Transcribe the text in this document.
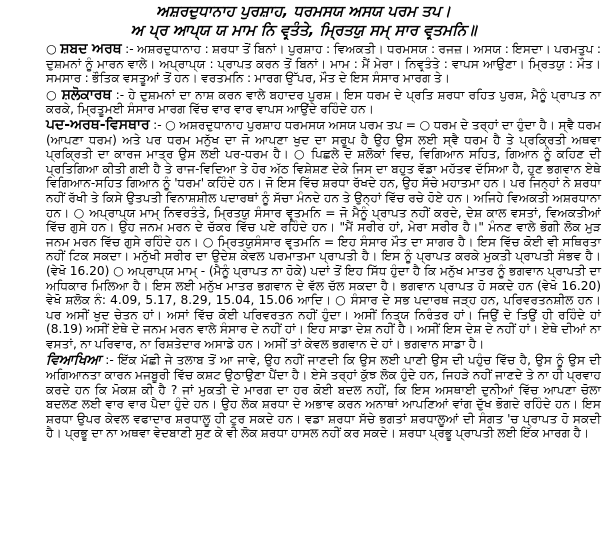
ਅਸ਼ਰਦੁਧਾਨਾਹ ਪੁਰਸ਼ਾਹ, ਧਰਮਸਯ ਅਸਯ ਪਰਮ ਤਪ।

ਅ ਪ੍ਰ ਆਪ੍ਯ ਯ ਮਾਮ ਨਿ ਵਰ੍ਤੰਤੇ, ਮ੍ਰਿਤਯੁ ਸਮ੍ ਸਾਰ ਵਰ੍ਤਮਨਿ॥

○ ਸ਼ਬਦ ਅਰਥ :- ਅਸ਼ਰਦੁਧਾਨਾਹ : ਸ਼ਰਧਾ ਤੋਂ ਬਿਨਾਂ। ਪੁਰਸ਼ਾਹ : ਵਿਅਕਤੀ। ਧਰਮਸਯ : ਰਜਜ਼। ਅਸਯ : ਇਸਦਾ। ਪਰਮਤੁਪ : ਦੁਸ਼ਮਨਾਂ ਨੂੰ ਮਾਰਨ ਵਾਲੇ। ਅਪ੍ਰਾਪ੍ਯ : ਪ੍ਰਾਪਤ ਕਰਨ ਤੋਂ ਬਿਨਾਂ। ਮਾਮ : ਮੈਂ ਮੇਰਾ। ਨਿਵਰ੍ਤੰਤੇ : ਵਾਪਸ ਆਉਣਾ। ਮ੍ਰਿਤਯੁ : ਮੌਤ। ਸਮਸਾਰ : ਭੌਤਿਕ ਵਸਤੂਆਂ ਤੋਂ ਹਨ। ਵਰਤਮਨਿ : ਮਾਰਗ ਉੱਪਰ, ਮੌਤ ਦੇ ਇਸ ਸੰਸਾਰ ਮਾਰਗ ਤੇ।

○ ਸ਼ਲੋਕਾਰਥ :- ਹੇ ਦੁਸ਼ਮਨਾਂ ਦਾ ਨਾਸ਼ ਕਰਨ ਵਾਲੇ ਬਹਾਦਰ ਪੁਰਸ਼। ਇਸ ਧਰਮ ਦੇ ਪ੍ਰਤਿ ਸ਼ਰਧਾ ਰਹਿਤ ਪੁਰਸ਼, ਮੈਨੂੰ ਪ੍ਰਾਪਤ ਨਾ ਕਰਕੇ, ਮ੍ਰਿਤੂਮਈ ਸੰਸਾਰ ਮਾਰਗ ਵਿੱਚ ਵਾਰ ਵਾਰ ਵਾਪਸ ਆਉਂਦੇ ਰਹਿੰਦੇ ਹਨ।

ਪਦ-ਅਰਥ-ਵਿਸਥਾਰ :- ○ ਅਸ਼ਰਦੁਧਾਨਾਹ ਪੁਰਸ਼ਾਹ ਧਰਮਸਯ ਅਸਯ ਪਰਮ ਤਪ = ○ ਧਰਮ ਦੇ ਤਰ੍ਹਾਂ ਦਾ ਹੁੰਦਾ ਹੈ। ਸ੍ਵੈ ਧਰਮ (ਆਪਣਾ ਧਰਮ) ਅਤੇ ਪਰ ਧਰਮ ਮਨੁੱਖ ਦਾ ਜੋ ਆਪਣਾ ਖੁਦ ਦਾ ਸਰੂਪ ਹੈ ਉਹ ਉਸ ਲਈ ਸ੍ਵੈ ਧਰਮ ਹੈ ਤੇ ਪ੍ਰਕ੍ਰਿਤੀ ਅਥਵਾ ਪ੍ਰਕ੍ਰਿਤੀ ਦਾ ਕਾਰਜ ਮਾਤ੍ਰ ਉਸ ਲਈ ਪਰ-ਧਰਮ ਹੈ। ○ ਪਿਛਲੇ ਦੋ ਸ਼ਲੋਕਾਂ ਵਿਚ, ਵਿਗਿਆਨ ਸਹਿਤ, ਗਿਆਨ ਨੂੰ ਕਹਿਣ ਦੀ ਪ੍ਰਤਿਗਿਆ ਕੀਤੀ ਗਈ ਹੈ ਤੇ ਰਾਜ-ਵਿਦਿਆ ਤੇ ਹੋਰ ਅੱਠ ਵਿਸ਼ੇਸ਼ਣ ਦੇਕੇ ਜਿਸ ਦਾ ਬਹੁਤ ਵੱਡਾ ਮਹੱਤਵ ਦੱਸਿਆ ਹੈ, ਹੁਣ ਭਗਵਾਨ ਏਥੇ ਵਿਗਿਆਨ-ਸਹਿਤ ਗਿਆਨ ਨੂੰ 'ਧਰਮ' ਕਹਿੰਦੇ ਹਨ। ਜੋ ਇਸ ਵਿੱਚ ਸ਼ਰਧਾ ਰੱਖਦੇ ਹਨ, ਉਹ ਸੱਚੇ ਮਹਾਤਮਾ ਹਨ। ਪਰ ਜਿਨ੍ਹਾਂ ਨੇ ਸ਼ਰਧਾ ਨਹੀਂ ਰੱਖੀ ਤੇ ਕਿਸੇ ਉਤਪਤੀ ਵਿਨਾਸ਼ਸ਼ੀਲ ਪਦਾਰਥਾਂ ਨੂੰ ਸੱਚਾ ਮੰਨਦੇ ਹਨ ਤੇ ਉਨ੍ਹਾਂ ਵਿੱਚ ਰਚੇ ਹੋਏ ਹਨ। ਅਜਿਹੇ ਵਿਅਕਤੀ ਅਸ਼ਰਧਾਨਾ ਹਨ। ○ ਅਪ੍ਰਾਪ੍ਯ ਮਾਮ੍ ਨਿਵਰਤੰਤੇ, ਮ੍ਰਿਤਯੁ ਸੰਸਾਰ ਵਰ੍ਤਮਨਿ = ਜੋ ਮੈਨੂੰ ਪ੍ਰਾਪਤ ਨਹੀਂ ਕਰਦੇ, ਦੇਸ਼ ਕਾਲ ਵਸਤਾਂ, ਵਿਅਕਤੀਆਂ ਵਿੱਚ ਗੁਸੇ ਹਨ। ਉਹ ਜਨਮ ਮਰਨ ਦੇ ਚੱਕਰ ਵਿੱਚ ਪਏ ਰਹਿੰਦੇ ਹਨ। "ਮੈਂ ਸਰੀਰ ਹਾਂ, ਮੇਰਾ ਸਰੀਰ ਹੈ।" ਮੰਨਣ ਵਾਲੇ ਭੋਗੀ ਲੋਕ ਮੁੜ ਜਨਮ ਮਰਨ ਵਿੱਚ ਗੁਸੇ ਰਹਿੰਦੇ ਹਨ। ○ ਮ੍ਰਿਤਯੁਸੰਸਾਰ ਵਰ੍ਤਮਨਿ = ਇਹ ਸੰਸਾਰ ਮੌਤ ਦਾ ਸਾਗਰ ਹੈ। ਇਸ ਵਿੱਚ ਕੋਈ ਵੀ ਸਥਿਰਤਾ ਨਹੀਂ ਟਿਕ ਸਕਦਾ। ਮਨੁੱਖੀ ਸਰੀਰ ਦਾ ਉਦੇਸ਼ ਕੇਵਲ ਪਰਮਾਤਮਾ ਪ੍ਰਾਪਤੀ ਹੈ। ਇਸ ਨੂੰ ਪ੍ਰਾਪਤ ਕਰਕੇ ਮੁਕਤੀ ਪ੍ਰਾਪਤੀ ਸੰਭਵ ਹੈ। (ਵੇਖੋ 16.20) ○ ਅਪ੍ਰਾਪ੍ਯ ਮਾਮ੍ - (ਮੈਨੂੰ ਪ੍ਰਾਪਤ ਨਾ ਹੋਕੇ) ਪਦਾਂ ਤੋਂ ਇਹ ਸਿੱਧ ਹੁੰਦਾ ਹੈ ਕਿ ਮਨੁੱਖ ਮਾਤਰ ਨੂੰ ਭਗਵਾਨ ਪ੍ਰਾਪਤੀ ਦਾ ਅਧਿਕਾਰ ਮਿਲਿਆ ਹੈ। ਇਸ ਲਈ ਮਨੁੱਖ ਮਾਤਰ ਭਗਵਾਨ ਦੇ ਵੱਲ ਚੱਲ ਸਕਦਾ ਹੈ। ਭਗਵਾਨ ਪ੍ਰਾਪਤ ਹੋ ਸਕਦੇ ਹਨ (ਵੇਖੋ 16.20) ਵੇਖੋ ਸ਼ਲੋਕ ਨੰ: 4.09, 5.17, 8.29, 15.04, 15.06 ਆਦਿ। ○ ਸੰਸਾਰ ਦੇ ਸਭ ਪਦਾਰਥ ਜੜ੍ਹ ਹਨ, ਪਰਿਵਰਤਨਸ਼ੀਲ ਹਨ। ਪਰ ਅਸੀਂ ਖੁਦ ਚੇਤਨ ਹਾਂ। ਅਸਾਂ ਵਿੱਚ ਕੋਈ ਪਰਿਵਰਤਨ ਨਹੀਂ ਹੁੰਦਾ। ਅਸੀਂ ਨਿਤ੍ਯ ਨਿਰੰਤਰ ਹਾਂ। ਜਿਉਂ ਦੇ ਤਿਉਂ ਹੀ ਰਹਿੰਦੇ ਹਾਂ (8.19) ਅਸੀਂ ਏਥੇ ਦੇ ਜਨਮ ਮਰਨ ਵਾਲੇ ਸੰਸਾਰ ਦੇ ਨਹੀਂ ਹਾਂ। ਇਹ ਸਾਡਾ ਦੇਸ਼ ਨਹੀਂ ਹੈ। ਅਸੀਂ ਇਸ ਦੇਸ਼ ਦੇ ਨਹੀਂ ਹਾਂ। ਏਥੇ ਦੀਆਂ ਨਾ ਵਸਤਾਂ, ਨਾ ਪਰਿਵਾਰ, ਨਾ ਰਿਸ਼ਤੇਦਾਰ ਅਸਾਡੇ ਹਨ। ਅਸੀਂ ਤਾਂ ਕੇਵਲ ਭਗਵਾਨ ਦੇ ਹਾਂ। ਭਗਵਾਨ ਸਾਡਾ ਹੈ।

ਵਿਆਖਿਆ :- ਇੱਕ ਮੱਛੀ ਜੇ ਤਲਾਬ ਤੋਂ ਆ ਜਾਵੇ, ਉਹ ਨਹੀਂ ਜਾਣਦੀ ਕਿ ਉਸ ਲਈ ਪਾਣੀ ਉਸ ਦੀ ਪਹੁੰਚ ਵਿੱਚ ਹੈ, ਉਸ ਨੂੰ ਉਸ ਦੀ ਅਗਿਆਨਤਾ ਕਾਰਨ ਮਜਬੂਰੀ ਵਿੱਚ ਕਸ਼ਟ ਉਠਾਉਣਾ ਪੈਂਦਾ ਹੈ। ਏਸੇ ਤਰ੍ਹਾਂ ਕੁੱਝ ਲੋਕ ਹੁੰਦੇ ਹਨ, ਜਿਹੜੇ ਨਹੀਂ ਜਾਣਦੇ ਤੇ ਨਾ ਹੀ ਪ੍ਰਵਾਹ ਕਰਦੇ ਹਨ ਕਿ ਮੋਕਸ਼ ਕੀ ਹੈ ? ਜਾਂ ਮੁਕਤੀ ਦੇ ਮਾਰਗ ਦਾ ਹਰ ਕੋਈ ਬਦਲ ਨਹੀਂ, ਕਿ ਇਸ ਅਸਥਾਈ ਦੁਨੀਆਂ ਵਿੱਚ ਆਪਣਾ ਚੋਲਾ ਬਦਲਣ ਲਈ ਵਾਰ ਵਾਰ ਪੈਦਾ ਹੁੰਦੇ ਹਨ। ਉਹ ਲੋਕ ਸ਼ਰਧਾ ਦੇ ਅਭਾਵ ਕਰਨ ਅਨਾਥਾਂ ਆਪਣਿਆਂ ਵਾਂਗ ਦੁੱਖ ਭੋਗਦੇ ਰਹਿੰਦੇ ਹਨ। ਇਸ ਸ਼ਰਧਾ ਉਪਰ ਕੇਵਲ ਵਫਾਦਾਰ ਸ਼ਰਧਾਲੂ ਹੀ ਟੁਰ ਸਕਦੇ ਹਨ। ਵਡਾ ਸ਼ਰਧਾ ਸੱਚੇ ਭਗਤਾਂ ਸ਼ਰਧਾਲੂਆਂ ਦੀ ਸੰਗਤ 'ਚ ਪ੍ਰਾਪਤ ਹੋ ਸਕਦੀ ਹੈ। ਪ੍ਰਭੂ ਦਾ ਨਾ ਅਥਵਾ ਵੇਦਬਾਣੀ ਸੁਣ ਕੇ ਵੀ ਲੋਕ ਸ਼ਰਧਾ ਹਾਸਲ ਨਹੀਂ ਕਰ ਸਕਦੇ। ਸ਼ਰਧਾ ਪ੍ਰਭੂ ਪ੍ਰਾਪਤੀ ਲਈ ਇੱਕ ਮਾਰਗ ਹੈ।
